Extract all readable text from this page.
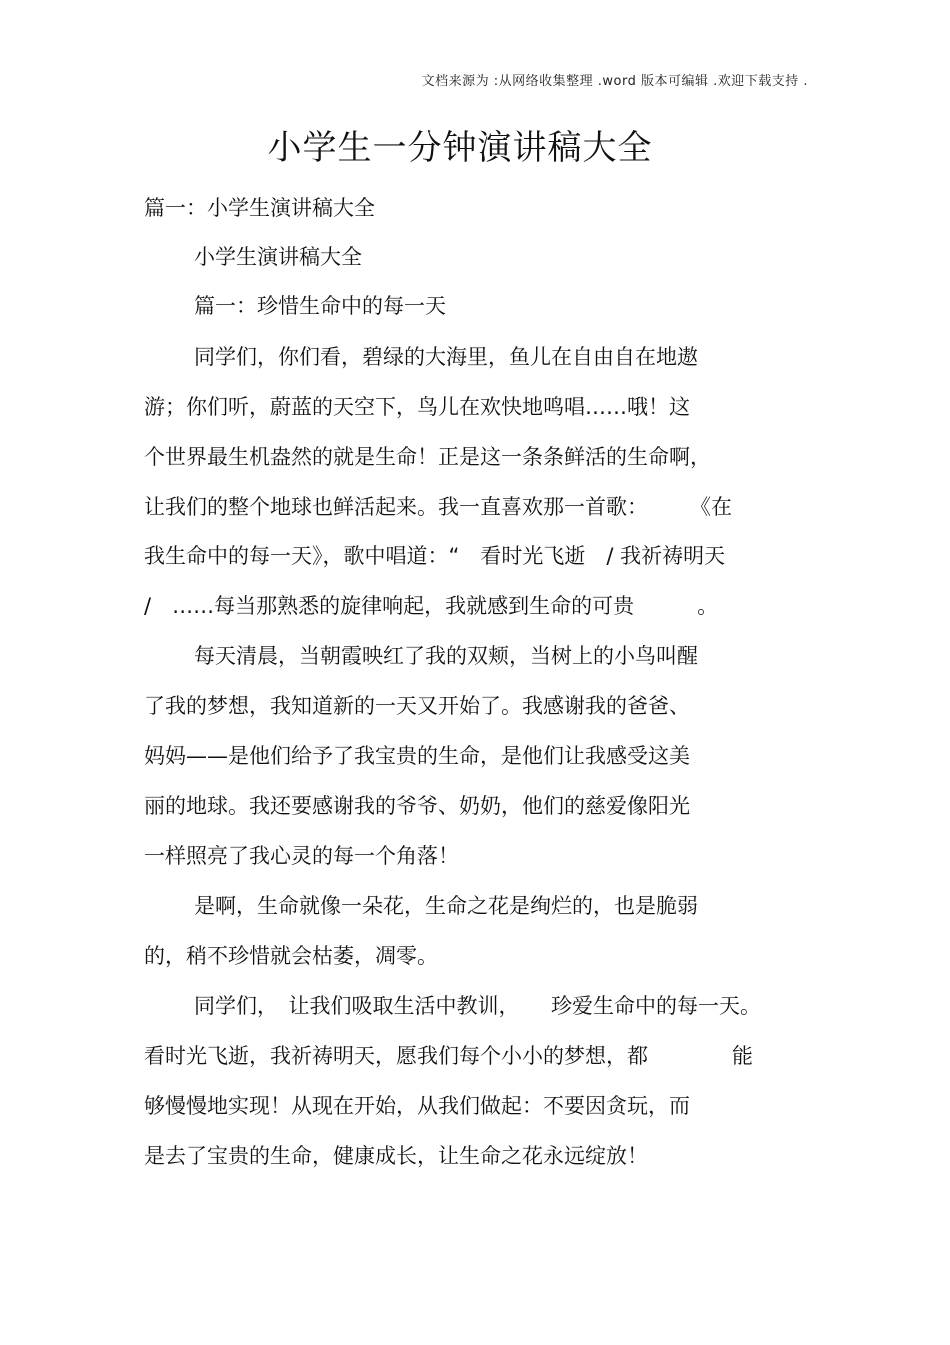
文档来源为 :从网络收集整理 .word 版本可编辑 .欢迎下载支持 .
小学生一分钟演讲稿大全
篇一：小学生演讲稿大全
小学生演讲稿大全
篇一：珍惜生命中的每一天
同学们，你们看，碧绿的大海里，鱼儿在自由自在地遨
游；你们听，蔚蓝的天空下，鸟儿在欢快地鸣唱……哦！这
个世界最生机盎然的就是生命！正是这一条条鲜活的生命啊，
让我们的整个地球也鲜活起来。我一直喜欢那一首歌：　　　《在
我生命中的每一天》，歌中唱道：“　看时光飞逝　/ 我祈祷明天
/　……每当那熟悉的旋律响起，我就感到生命的可贵　　　。
每天清晨，当朝霞映红了我的双颊，当树上的小鸟叫醒
了我的梦想，我知道新的一天又开始了。我感谢我的爸爸、
妈妈——是他们给予了我宝贵的生命，是他们让我感受这美
丽的地球。我还要感谢我的爷爷、奶奶，他们的慈爱像阳光
一样照亮了我心灵的每一个角落！
是啊，生命就像一朵花，生命之花是绚烂的，也是脆弱
的，稍不珍惜就会枯萎，凋零。
同学们，　让我们吸取生活中教训，　　珍爱生命中的每一天。
看时光飞逝，我祈祷明天，愿我们每个小小的梦想，都　　　　能
够慢慢地实现！从现在开始，从我们做起：不要因贪玩，而
是去了宝贵的生命，健康成长，让生命之花永远绽放！
